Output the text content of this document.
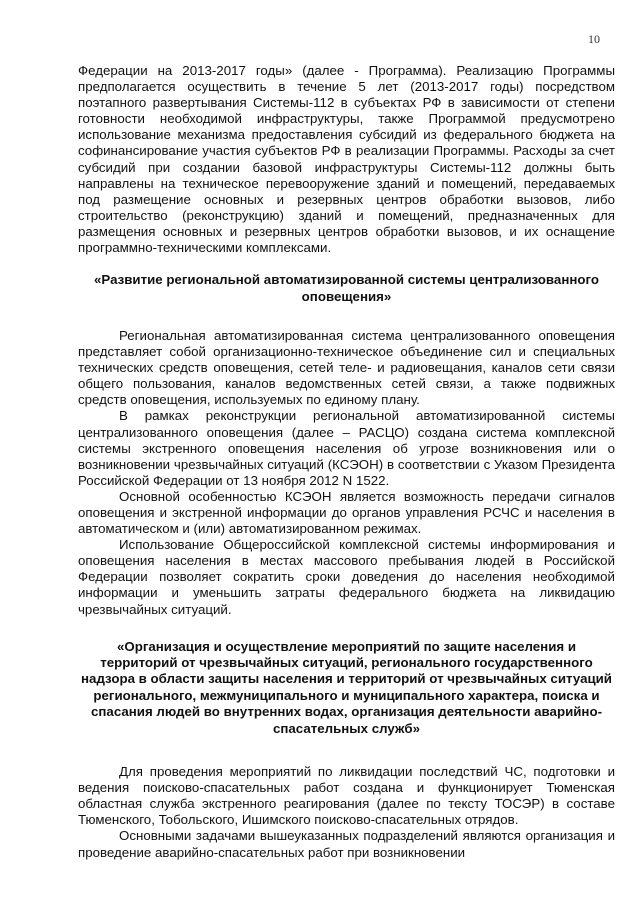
10

Федерации на 2013-2017 годы» (далее - Программа). Реализацию Программы предполагается осуществить в течение 5 лет (2013-2017 годы) посредством поэтапного развертывания Системы-112 в субъектах РФ в зависимости от степени готовности необходимой инфраструктуры, также Программой предусмотрено использование механизма предоставления субсидий из федерального бюджета на софинансирование участия субъектов РФ в реализации Программы. Расходы за счет субсидий при создании базовой инфраструктуры Системы-112 должны быть направлены на техническое перевооружение зданий и помещений, передаваемых под размещение основных и резервных центров обработки вызовов, либо строительство (реконструкцию) зданий и помещений, предназначенных для размещения основных и резервных центров обработки вызовов, и их оснащение программно-техническими комплексами.

«Развитие региональной автоматизированной системы централизованного
оповещения»

Региональная автоматизированная система централизованного оповещения представляет собой организационно-техническое объединение сил и специальных технических средств оповещения, сетей теле- и радиовещания, каналов сети связи общего пользования, каналов ведомственных сетей связи, а также подвижных средств оповещения, используемых по единому плану.

В рамках реконструкции региональной автоматизированной системы централизованного оповещения (далее – РАСЦО) создана система комплексной системы экстренного оповещения населения об угрозе возникновения или о возникновении чрезвычайных ситуаций (КСЭОН) в соответствии с Указом Президента Российской Федерации от 13 ноября 2012 N 1522.

Основной особенностью КСЭОН является возможность передачи сигналов оповещения и экстренной информации до органов управления РСЧС и населения в автоматическом и (или) автоматизированном режимах.

Использование Общероссийской комплексной системы информирования и оповещения населения в местах массового пребывания людей в Российской Федерации позволяет сократить сроки доведения до населения необходимой информации и уменьшить затраты федерального бюджета на ликвидацию чрезвычайных ситуаций.

«Организация и осуществление мероприятий по защите населения и
территорий от чрезвычайных ситуаций, регионального государственного
надзора в области защиты населения и территорий от чрезвычайных ситуаций
регионального, межмуниципального и муниципального характера, поиска и
спасания людей во внутренних водах, организация деятельности аварийно-
спасательных служб»

Для проведения мероприятий по ликвидации последствий ЧС, подготовки и ведения поисково-спасательных работ создана и функционирует Тюменская областная служба экстренного реагирования (далее по тексту ТОСЭР) в составе Тюменского, Тобольского, Ишимского поисково-спасательных отрядов.

Основными задачами вышеуказанных подразделений являются организация и проведение аварийно-спасательных работ при возникновении
